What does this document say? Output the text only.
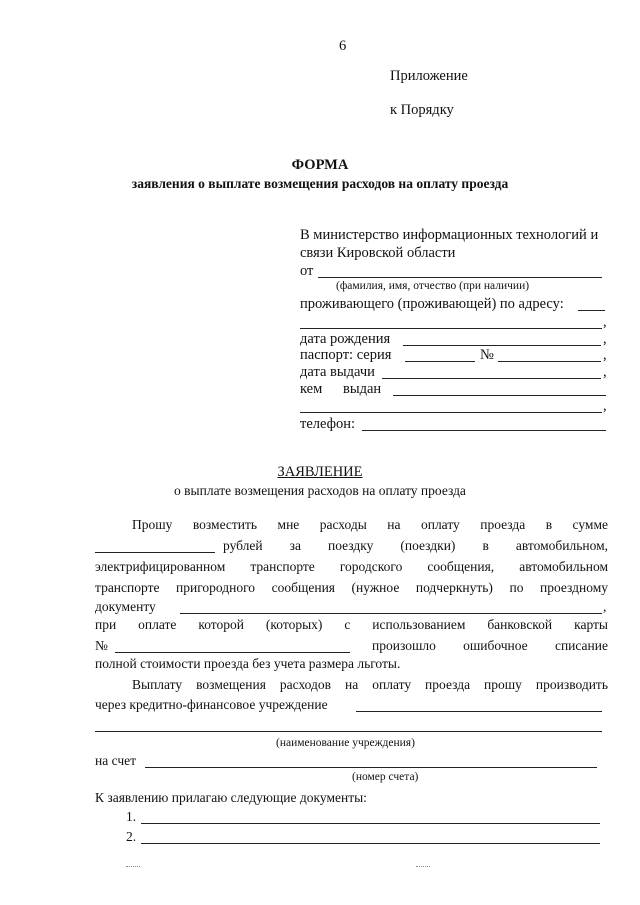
6
Приложение
к Порядку
ФОРМА
заявления о выплате возмещения расходов на оплату проезда
В министерство информационных технологий и
связи Кировской области
от
(фамилия, имя, отчество (при наличии)
проживающего (проживающей) по адресу:
,
дата рождения	,
паспорт: серия	№	,
дата выдачи	,
кем выдан
,
телефон:
ЗАЯВЛЕНИЕ
о выплате возмещения расходов на оплату проезда
Прошу возместить мне расходы на оплату проезда в сумме
рублей за поездку (поездки) в автомобильном,
электрифицированном транспорте городского сообщения, автомобильном
транспорте пригородного сообщения (нужное подчеркнуть) по проездному
документу	,
при оплате которой (которых) с использованием банковской карты
№	произошло ошибочное списание
полной стоимости проезда без учета размера льготы.
Выплату возмещения расходов на оплату проезда прошу производить
через кредитно-финансовое учреждение
(наименование учреждения)
на счет
(номер счета)
К заявлению прилагаю следующие документы:
1.
2.
